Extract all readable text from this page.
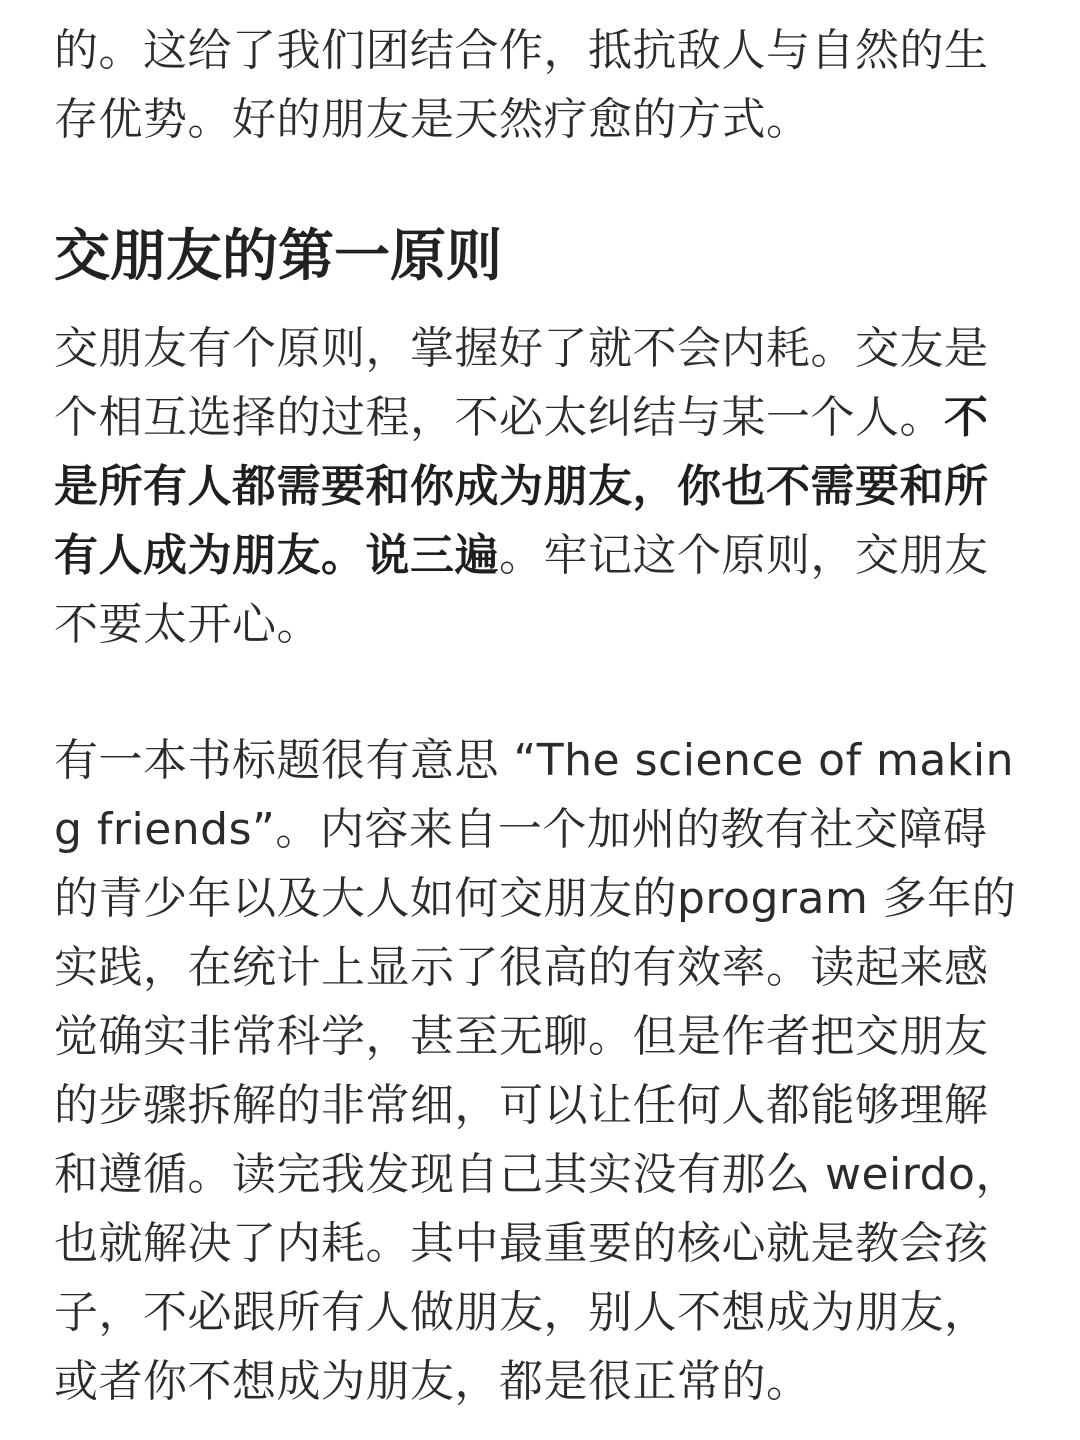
的。这给了我们团结合作，抵抗敌人与自然的生存优势。好的朋友是天然疗愈的方式。

交朋友的第一原则

交朋友有个原则，掌握好了就不会内耗。交友是个相互选择的过程，不必太纠结与某一个人。不是所有人都需要和你成为朋友，你也不需要和所有人成为朋友。说三遍。牢记这个原则，交朋友不要太开心。

有一本书标题很有意思 “The science of making friends”。内容来自一个加州的教有社交障碍的青少年以及大人如何交朋友的program 多年的实践，在统计上显示了很高的有效率。读起来感觉确实非常科学，甚至无聊。但是作者把交朋友的步骤拆解的非常细，可以让任何人都能够理解和遵循。读完我发现自己其实没有那么 weirdo，也就解决了内耗。其中最重要的核心就是教会孩子，不必跟所有人做朋友，别人不想成为朋友，或者你不想成为朋友，都是很正常的。
